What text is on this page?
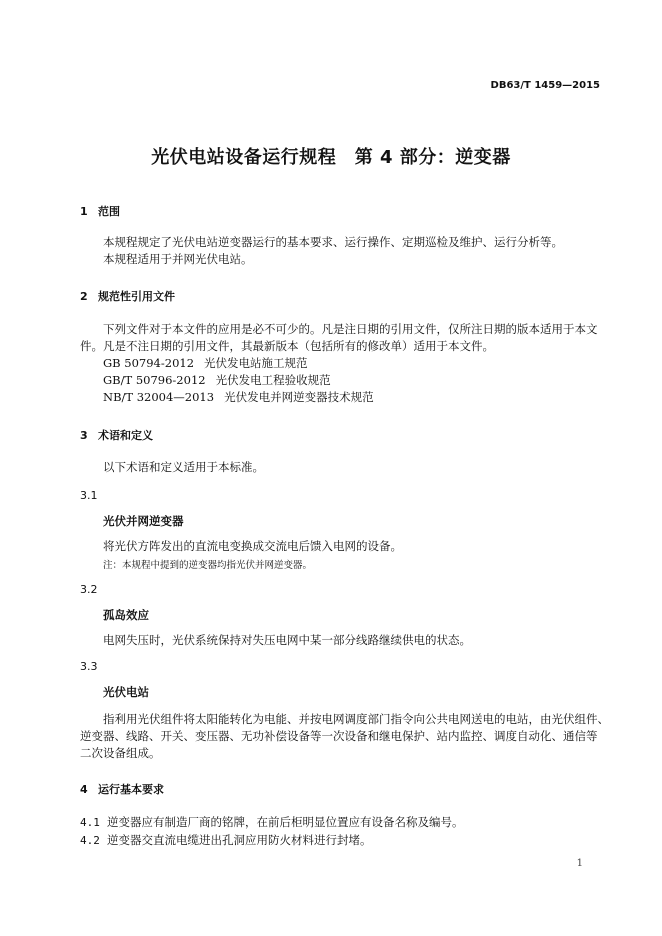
DB63/T 1459—2015
光伏电站设备运行规程　第 4 部分：逆变器
1 范围
本规程规定了光伏电站逆变器运行的基本要求、运行操作、定期巡检及维护、运行分析等。
本规程适用于并网光伏电站。
2 规范性引用文件
下列文件对于本文件的应用是必不可少的。凡是注日期的引用文件，仅所注日期的版本适用于本文
件。凡是不注日期的引用文件，其最新版本（包括所有的修改单）适用于本文件。
GB 50794-2012 光伏发电站施工规范
GB/T 50796-2012 光伏发电工程验收规范
NB/T 32004—2013 光伏发电并网逆变器技术规范
3 术语和定义
以下术语和定义适用于本标准。
3.1
光伏并网逆变器
将光伏方阵发出的直流电变换成交流电后馈入电网的设备。
注：本规程中提到的逆变器均指光伏并网逆变器。
3.2
孤岛效应
电网失压时，光伏系统保持对失压电网中某一部分线路继续供电的状态。
3.3
光伏电站
指利用光伏组件将太阳能转化为电能、并按电网调度部门指令向公共电网送电的电站，由光伏组件、
逆变器、线路、开关、变压器、无功补偿设备等一次设备和继电保护、站内监控、调度自动化、通信等
二次设备组成。
4 运行基本要求
4.1 逆变器应有制造厂商的铭牌，在前后柜明显位置应有设备名称及编号。
4.2 逆变器交直流电缆进出孔洞应用防火材料进行封堵。
1
